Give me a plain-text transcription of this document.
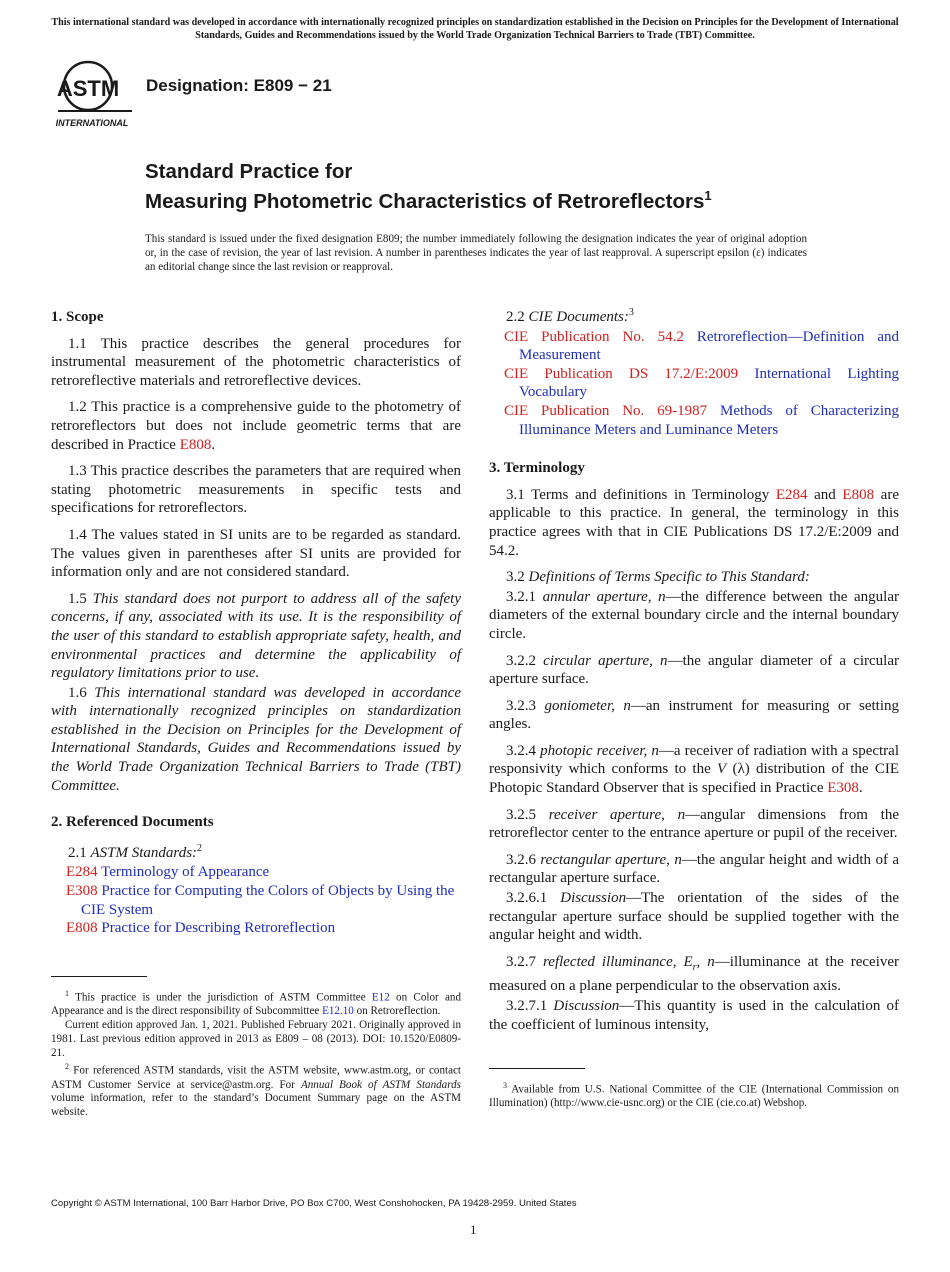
This international standard was developed in accordance with internationally recognized principles on standardization established in the Decision on Principles for the Development of International Standards, Guides and Recommendations issued by the World Trade Organization Technical Barriers to Trade (TBT) Committee.
ASTM
INTERNATIONAL
Designation: E809 − 21
Standard Practice for
Measuring Photometric Characteristics of Retroreflectors$^1$
This standard is issued under the fixed designation E809; the number immediately following the designation indicates the year of original adoption or, in the case of revision, the year of last revision. A number in parentheses indicates the year of last reapproval. A superscript epsilon (ε) indicates an editorial change since the last revision or reapproval.
1. Scope

1.1 This practice describes the general procedures for instrumental measurement of the photometric characteristics of retroreflective materials and retroreflective devices.

1.2 This practice is a comprehensive guide to the photometry of retroreflectors but does not include geometric terms that are described in Practice E808.

1.3 This practice describes the parameters that are required when stating photometric measurements in specific tests and specifications for retroreflectors.

1.4 The values stated in SI units are to be regarded as standard. The values given in parentheses after SI units are provided for information only and are not considered standard.

1.5 This standard does not purport to address all of the safety concerns, if any, associated with its use. It is the responsibility of the user of this standard to establish appropriate safety, health, and environmental practices and determine the applicability of regulatory limitations prior to use.

1.6 This international standard was developed in accordance with internationally recognized principles on standardization established in the Decision on Principles for the Development of International Standards, Guides and Recommendations issued by the World Trade Organization Technical Barriers to Trade (TBT) Committee.

2. Referenced Documents

2.1 ASTM Standards:$^2$

E284 Terminology of Appearance

E308 Practice for Computing the Colors of Objects by Using the CIE System

E808 Practice for Describing Retroreflection

2.2 CIE Documents:$^3$

CIE Publication No. 54.2 Retroreflection—Definition and Measurement

CIE Publication DS 17.2/E:2009 International Lighting Vocabulary

CIE Publication No. 69-1987 Methods of Characterizing Illuminance Meters and Luminance Meters

3. Terminology

3.1 Terms and definitions in Terminology E284 and E808 are applicable to this practice. In general, the terminology in this practice agrees with that in CIE Publications DS 17.2/E:2009 and 54.2.

3.2 Definitions of Terms Specific to This Standard:

3.2.1 annular aperture, n—the difference between the angular diameters of the external boundary circle and the internal boundary circle.

3.2.2 circular aperture, n—the angular diameter of a circular aperture surface.

3.2.3 goniometer, n—an instrument for measuring or setting angles.

3.2.4 photopic receiver, n—a receiver of radiation with a spectral responsivity which conforms to the V (λ) distribution of the CIE Photopic Standard Observer that is specified in Practice E308.

3.2.5 receiver aperture, n—angular dimensions from the retroreflector center to the entrance aperture or pupil of the receiver.

3.2.6 rectangular aperture, n—the angular height and width of a rectangular aperture surface.

3.2.6.1 Discussion—The orientation of the sides of the rectangular aperture surface should be supplied together with the angular height and width.

3.2.7 reflected illuminance, $E_r$, n—illuminance at the receiver measured on a plane perpendicular to the observation axis.

3.2.7.1 Discussion—This quantity is used in the calculation of the coefficient of luminous intensity,

$^1$ This practice is under the jurisdiction of ASTM Committee E12 on Color and Appearance and is the direct responsibility of Subcommittee E12.10 on Retroreflection.

Current edition approved Jan. 1, 2021. Published February 2021. Originally approved in 1981. Last previous edition approved in 2013 as E809 – 08 (2013). DOI: 10.1520/E0809-21.

$^2$ For referenced ASTM standards, visit the ASTM website, www.astm.org, or contact ASTM Customer Service at service@astm.org. For Annual Book of ASTM Standards volume information, refer to the standard’s Document Summary page on the ASTM website.

$^3$ Available from U.S. National Committee of the CIE (International Commission on Illumination) (http://www.cie-usnc.org) or the CIE (cie.co.at) Webshop.

Copyright © ASTM International, 100 Barr Harbor Drive, PO Box C700, West Conshohocken, PA 19428-2959. United States
1
